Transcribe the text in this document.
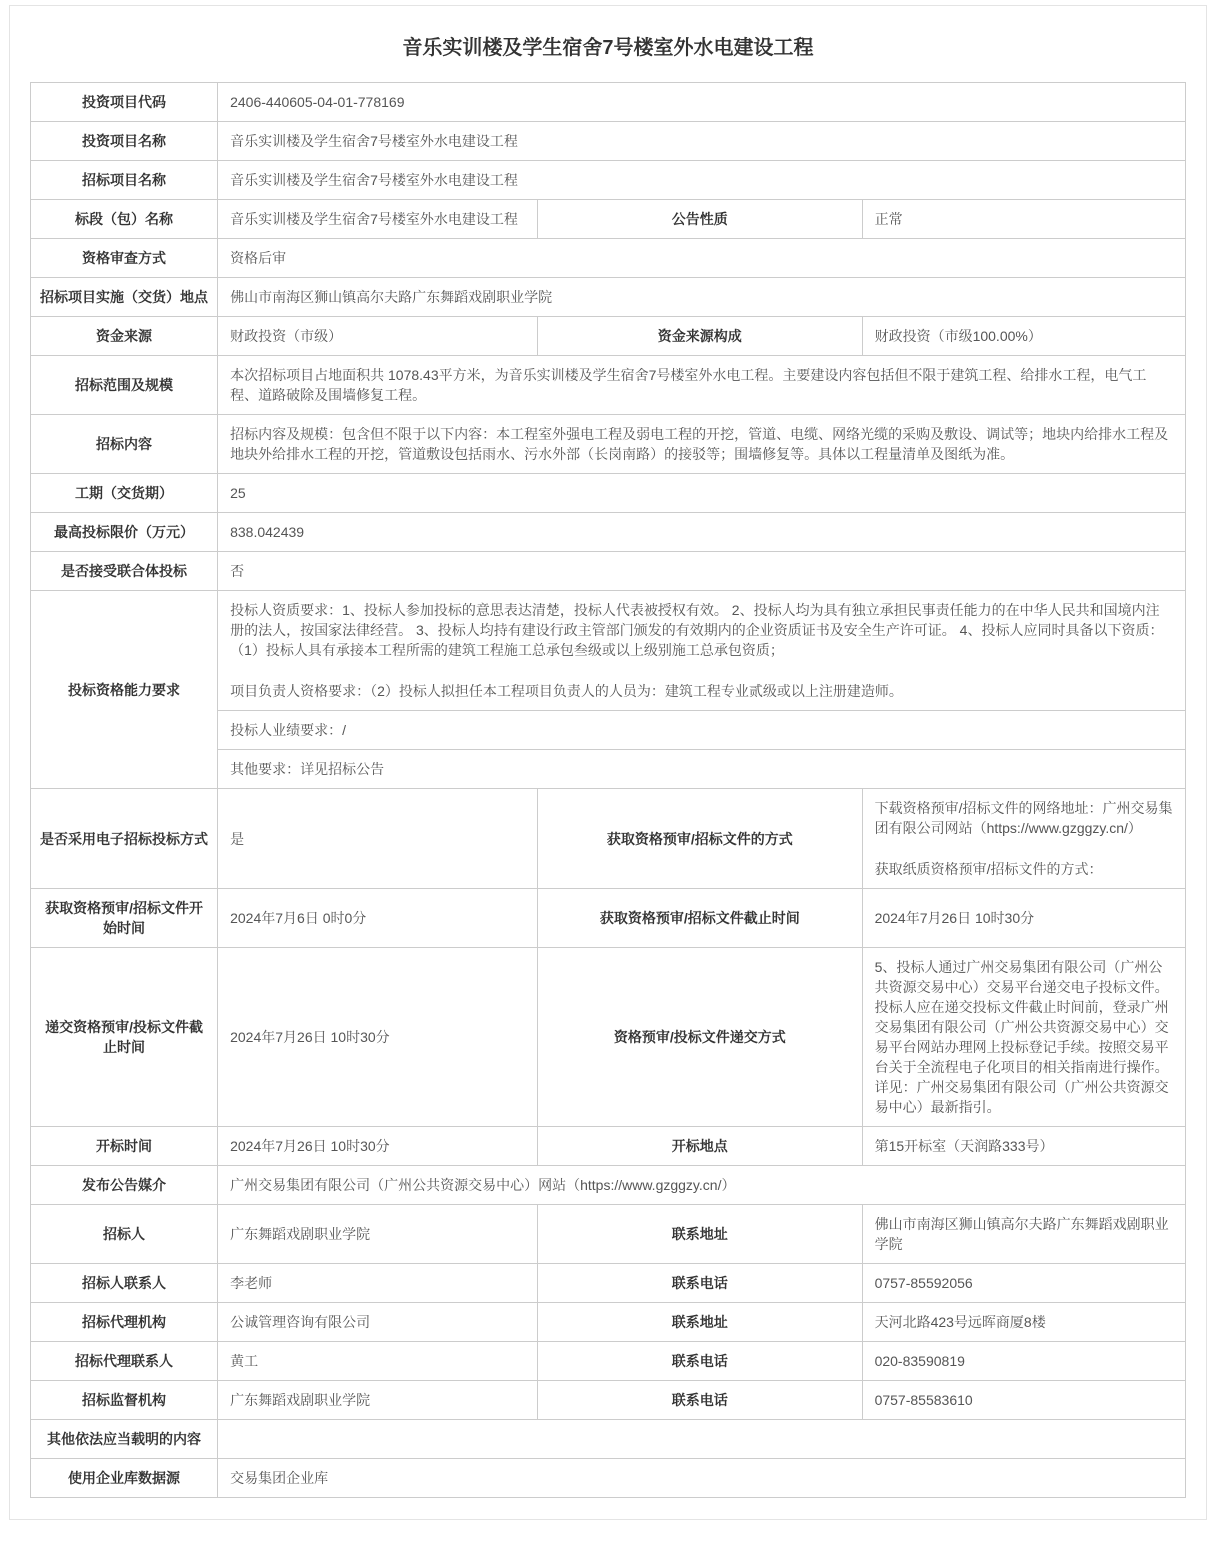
音乐实训楼及学生宿舍7号楼室外水电建设工程
投资项目代码	2406-440605-04-01-778169		
投资项目名称	音乐实训楼及学生宿舍7号楼室外水电建设工程		
招标项目名称	音乐实训楼及学生宿舍7号楼室外水电建设工程		
标段（包）名称	音乐实训楼及学生宿舍7号楼室外水电建设工程	公告性质	正常
资格审查方式	资格后审		
招标项目实施（交货）地点	佛山市南海区狮山镇高尔夫路广东舞蹈戏剧职业学院		
资金来源	财政投资（市级）	资金来源构成	财政投资（市级100.00%）
招标范围及规模	本次招标项目占地面积共 1078.43平方米，为音乐实训楼及学生宿舍7号楼室外水电工程。主要建设内容包括但不限于建筑工程、给排水工程，电气工程、道路破除及围墙修复工程。		
招标内容	招标内容及规模：包含但不限于以下内容：本工程室外强电工程及弱电工程的开挖，管道、电缆、网络光缆的采购及敷设、调试等；地块内给排水工程及地块外给排水工程的开挖，管道敷设包括雨水、污水外部（长岗南路）的接驳等；围墙修复等。具体以工程量清单及图纸为准。		
工期（交货期）	25		
最高投标限价（万元）	838.042439		
是否接受联合体投标	否		
投标资格能力要求	投标人资质要求：1、投标人参加投标的意思表达清楚，投标人代表被授权有效。 2、投标人均为具有独立承担民事责任能力的在中华人民共和国境内注册的法人，按国家法律经营。 3、投标人均持有建设行政主管部门颁发的有效期内的企业资质证书及安全生产许可证。 4、投标人应同时具备以下资质：（1）投标人具有承接本工程所需的建筑工程施工总承包叁级或以上级别施工总承包资质；

项目负责人资格要求：（2）投标人拟担任本工程项目负责人的人员为：建筑工程专业贰级或以上注册建造师。		

	投标人业绩要求：/		
	其他要求：详见招标公告		
是否采用电子招标投标方式	是	获取资格预审/招标文件的方式	下载资格预审/招标文件的网络地址：广州交易集团有限公司网站（https://www.gzggzy.cn/）

获取纸质资格预审/招标文件的方式：

获取资格预审/招标文件开始时间	2024年7月6日 0时0分	获取资格预审/招标文件截止时间	2024年7月26日 10时30分
递交资格预审/投标文件截止时间	2024年7月26日 10时30分	资格预审/投标文件递交方式	5、投标人通过广州交易集团有限公司（广州公共资源交易中心）交易平台递交电子投标文件。投标人应在递交投标文件截止时间前，登录广州交易集团有限公司（广州公共资源交易中心）交易平台网站办理网上投标登记手续。按照交易平台关于全流程电子化项目的相关指南进行操作。详见：广州交易集团有限公司（广州公共资源交易中心）最新指引。
开标时间	2024年7月26日 10时30分	开标地点	第15开标室（天润路333号）
发布公告媒介	广州交易集团有限公司（广州公共资源交易中心）网站（https://www.gzggzy.cn/）		
招标人	广东舞蹈戏剧职业学院	联系地址	佛山市南海区狮山镇高尔夫路广东舞蹈戏剧职业学院
招标人联系人	李老师	联系电话	0757-85592056
招标代理机构	公诚管理咨询有限公司	联系地址	天河北路423号远晖商厦8楼
招标代理联系人	黄工	联系电话	020-83590819
招标监督机构	广东舞蹈戏剧职业学院	联系电话	0757-85583610
其他依法应当载明的内容			
使用企业库数据源	交易集团企业库		
